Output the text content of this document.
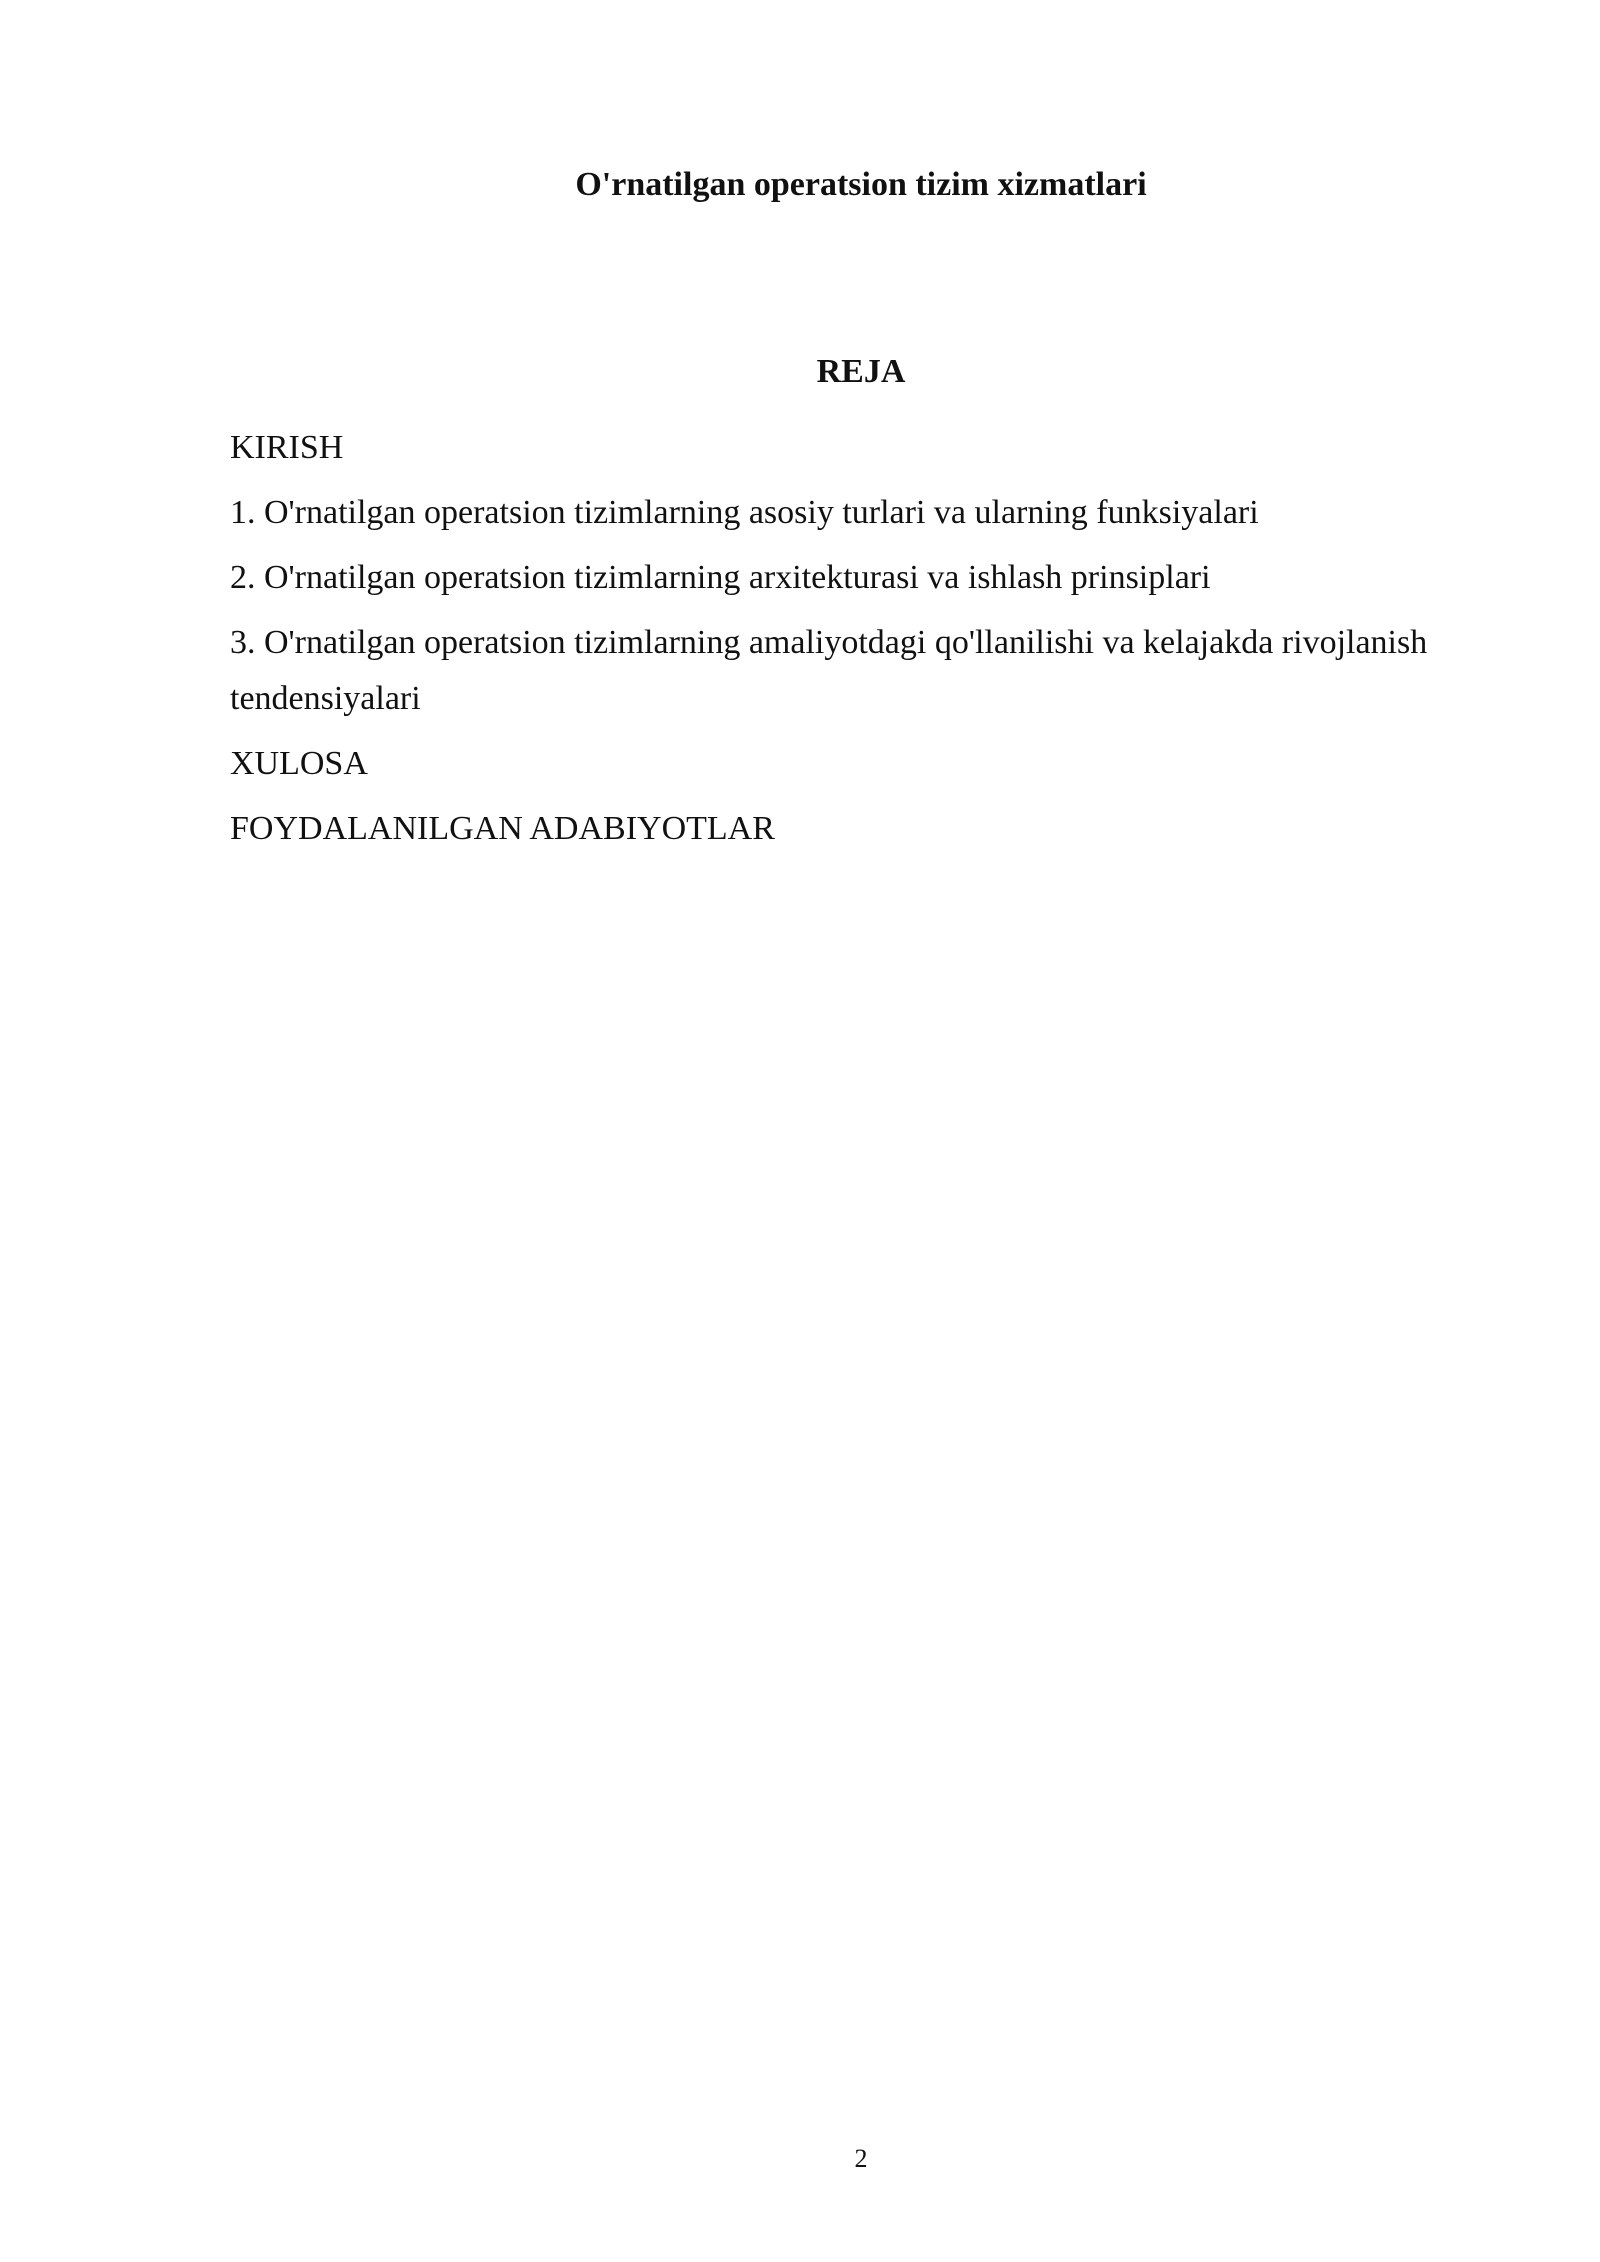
O'rnatilgan operatsion tizim xizmatlari
REJA
KIRISH
1. O'rnatilgan operatsion tizimlarning asosiy turlari va ularning funksiyalari
2. O'rnatilgan operatsion tizimlarning arxitekturasi va ishlash prinsiplari
3. O'rnatilgan operatsion tizimlarning amaliyotdagi qo'llanilishi va kelajakda rivojlanish tendensiyalari
XULOSA
FOYDALANILGAN ADABIYOTLAR
2
